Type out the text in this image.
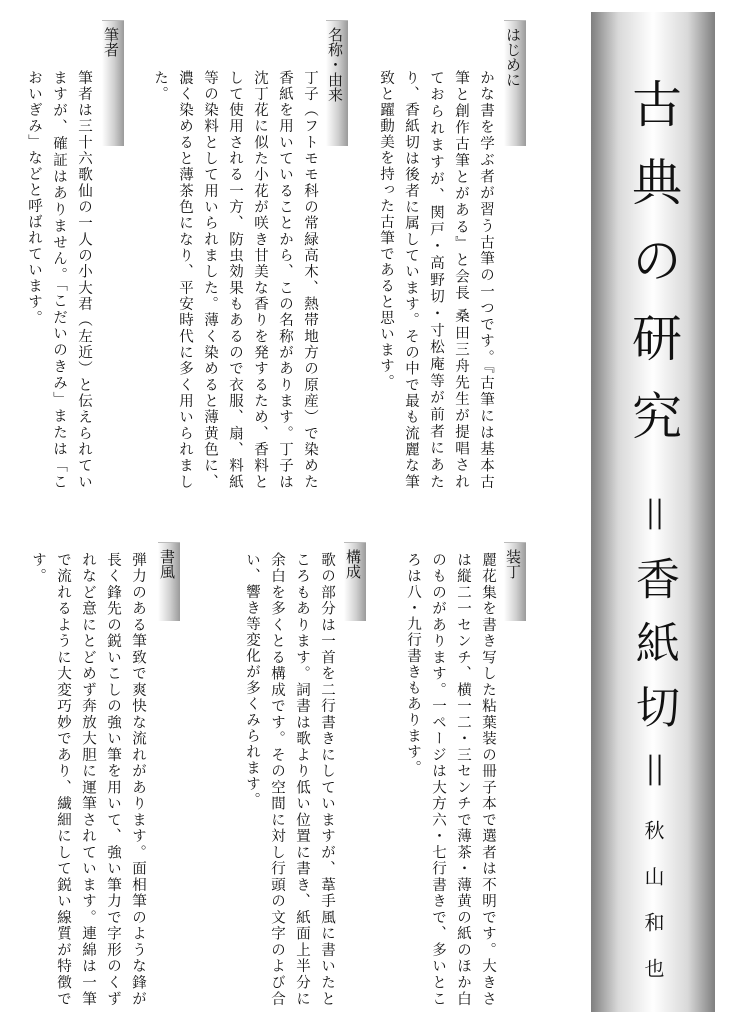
古典の研究
＝香紙切＝
秋山和也
はじめに
かな書を学ぶ者が習う古筆の一つです。『古筆には基本古筆と創作古筆とがある』と会長 桑田三舟先生が提唱されておられますが、関戸・高野切・寸松庵等が前者にあたり、香紙切は後者に属しています。その中で最も流麗な筆致と躍動美を持った古筆であると思います。
名称・由来
丁子（フトモモ科の常緑高木、熱帯地方の原産）で染めた香紙を用いていることから、この名称があります。丁子は沈丁花に似た小花が咲き甘美な香りを発するため、香料として使用される一方、防虫効果もあるので衣服、扇、料紙等の染料として用いられました。薄く染めると薄黄色に、濃く染めると薄茶色になり、平安時代に多く用いられました。
筆者
筆者は三十六歌仙の一人の小大君（左近）と伝えられていますが、確証はありません。「こだいのきみ」または「こおいぎみ」などと呼ばれています。
装丁
麗花集を書き写した粘葉装の冊子本で選者は不明です。大きさは縦二一センチ、横一二・三センチで薄茶・薄黄の紙のほか白のものがあります。一ページは大方六・七行書きで、多いところは八・九行書きもあります。
構成
歌の部分は一首を二行書きにしていますが、葦手風に書いたところもあります。詞書は歌より低い位置に書き、紙面上半分に余白を多くとる構成です。その空間に対し行頭の文字のよび合い、響き等変化が多くみられます。
書風
弾力のある筆致で爽快な流れがあります。面相筆のような鋒が長く鋒先の鋭いこしの強い筆を用いて、強い筆力で字形のくずれなど意にとどめず奔放大胆に運筆されています。連綿は一筆で流れるように大変巧妙であり、繊細にして鋭い線質が特徴です。
